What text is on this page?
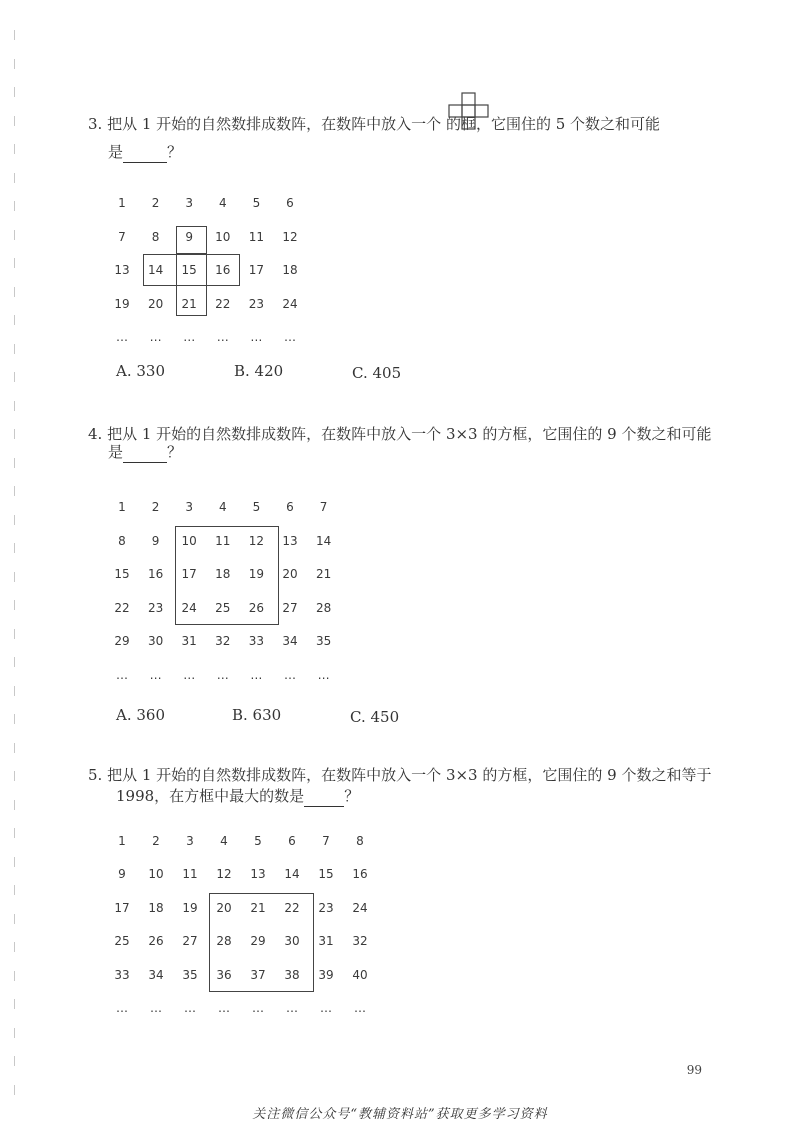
3. 把从 1 开始的自然数排成数阵，在数阵中放入一个 的框，它围住的 5 个数之和可能
是	？
A. 330	B. 420	C. 405
4. 把从 1 开始的自然数排成数阵，在数阵中放入一个 3×3 的方框，它围住的 9 个数之和可能
是	？
A. 360	B. 630	C. 450
5. 把从 1 开始的自然数排成数阵，在数阵中放入一个 3×3 的方框，它围住的 9 个数之和等于
1998，在方框中最大的数是	？
99
关注微信公众号“教辅资料站”获取更多学习资料
1	2	3	4	5	6
7	8	9	10	11	12
13	14	15	16	17	18
19	20	21	22	23	24
…	…	…	…	…	…
1	2	3	4	5	6	7
8	9	10	11	12	13	14
15	16	17	18	19	20	21
22	23	24	25	26	27	28
29	30	31	32	33	34	35
…	…	…	…	…	…	…
1	2	3	4	5	6	7	8
9	10	11	12	13	14	15	16
17	18	19	20	21	22	23	24
25	26	27	28	29	30	31	32
33	34	35	36	37	38	39	40
…	…	…	…	…	…	…	…
